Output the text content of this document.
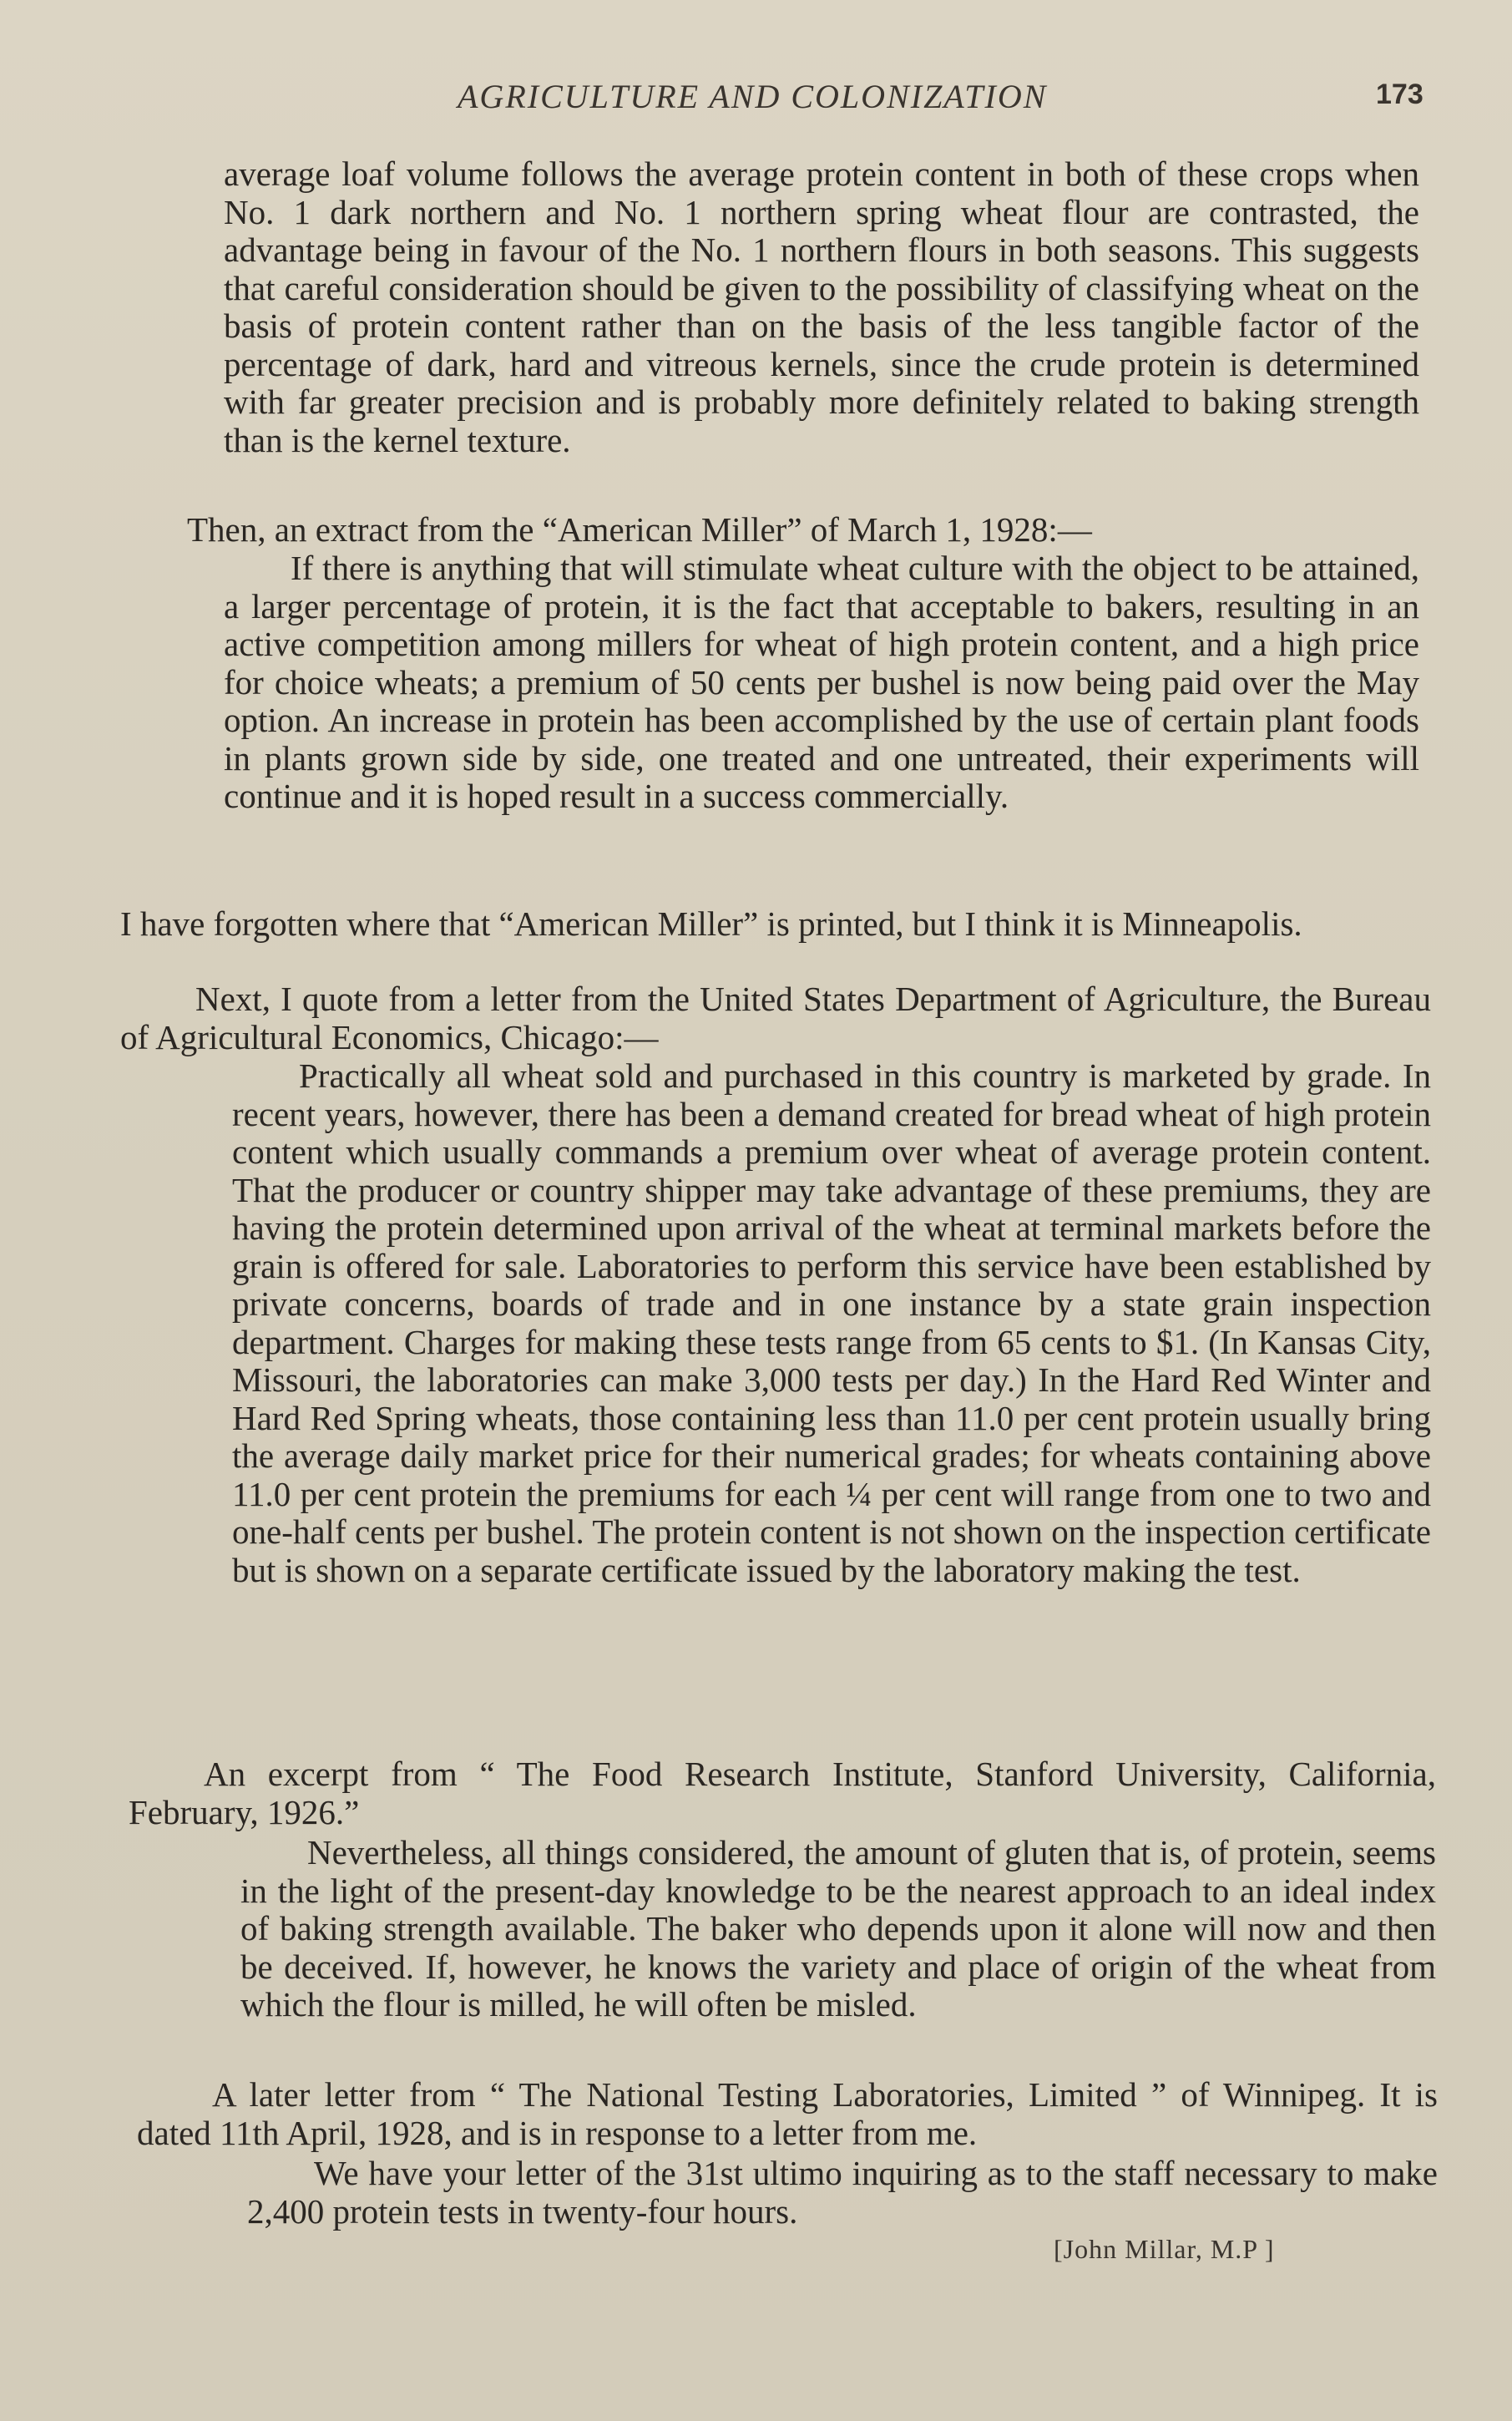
AGRICULTURE AND COLONIZATION	173

average loaf volume follows the average protein content in both of these crops when No. 1 dark northern and No. 1 northern spring wheat flour are contrasted, the advantage being in favour of the No. 1 northern flours in both seasons. This suggests that careful consideration should be given to the possibility of classifying wheat on the basis of protein content rather than on the basis of the less tangible factor of the percentage of dark, hard and vitreous kernels, since the crude protein is determined with far greater precision and is probably more definitely related to baking strength than is the kernel texture.

Then, an extract from the “American Miller” of March 1, 1928:—

If there is anything that will stimulate wheat culture with the object to be attained, a larger percentage of protein, it is the fact that acceptable to bakers, resulting in an active competition among millers for wheat of high protein content, and a high price for choice wheats; a premium of 50 cents per bushel is now being paid over the May option. An increase in protein has been accomplished by the use of certain plant foods in plants grown side by side, one treated and one untreated, their experiments will continue and it is hoped result in a success commercially.

I have forgotten where that “American Miller” is printed, but I think it is Minneapolis.

Next, I quote from a letter from the United States Department of Agriculture, the Bureau of Agricultural Economics, Chicago:—

Practically all wheat sold and purchased in this country is marketed by grade. In recent years, however, there has been a demand created for bread wheat of high protein content which usually commands a premium over wheat of average protein content. That the producer or country shipper may take advantage of these premiums, they are having the protein determined upon arrival of the wheat at terminal markets before the grain is offered for sale. Laboratories to perform this service have been established by private concerns, boards of trade and in one instance by a state grain inspection department. Charges for making these tests range from 65 cents to $1. (In Kansas City, Missouri, the laboratories can make 3,000 tests per day.) In the Hard Red Winter and Hard Red Spring wheats, those containing less than 11.0 per cent protein usually bring the average daily market price for their numerical grades; for wheats containing above 11.0 per cent protein the premiums for each ¼ per cent will range from one to two and one-half cents per bushel. The protein content is not shown on the inspection certificate but is shown on a separate certificate issued by the laboratory making the test.

An excerpt from “ The Food Research Institute, Stanford University, California, February, 1926.”

Nevertheless, all things considered, the amount of gluten that is, of protein, seems in the light of the present-day knowledge to be the nearest approach to an ideal index of baking strength available. The baker who depends upon it alone will now and then be deceived. If, however, he knows the variety and place of origin of the wheat from which the flour is milled, he will often be misled.

A later letter from “ The National Testing Laboratories, Limited ” of Winnipeg. It is dated 11th April, 1928, and is in response to a letter from me.

We have your letter of the 31st ultimo inquiring as to the staff necessary to make 2,400 protein tests in twenty-four hours.

[John Millar, M.P ]
